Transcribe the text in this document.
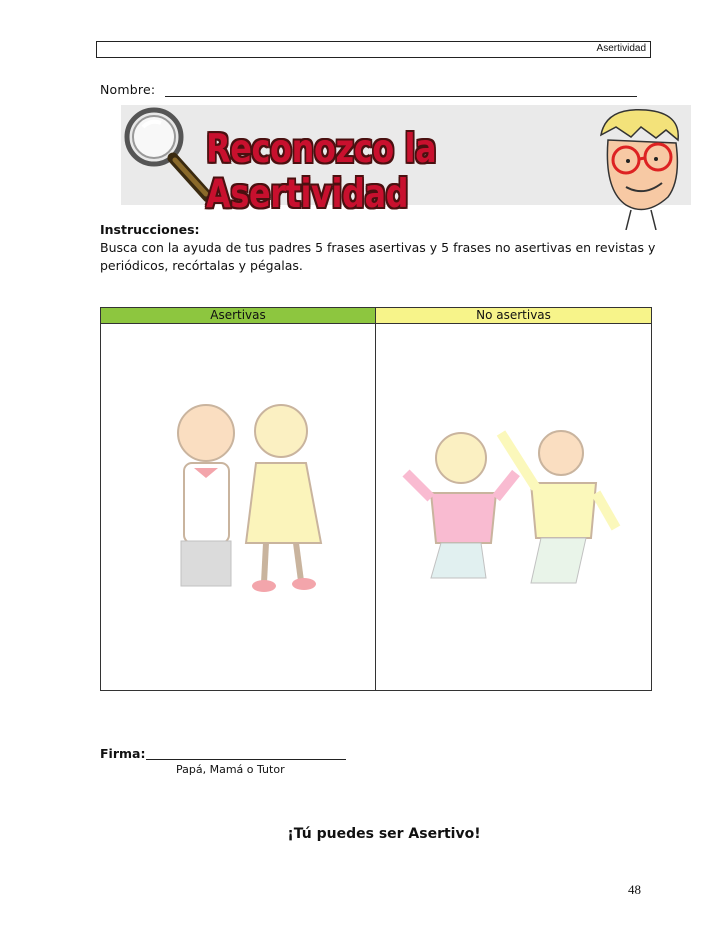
Asertividad
Nombre:
Reconozco la Asertividad
Instrucciones:
Busca con la ayuda de tus padres 5 frases asertivas y 5 frases no asertivas en revistas y periódicos, recórtalas y pégalas.
Asertivas	No asertivas
Firma:
Papá, Mamá o Tutor
¡Tú puedes ser Asertivo!
48
